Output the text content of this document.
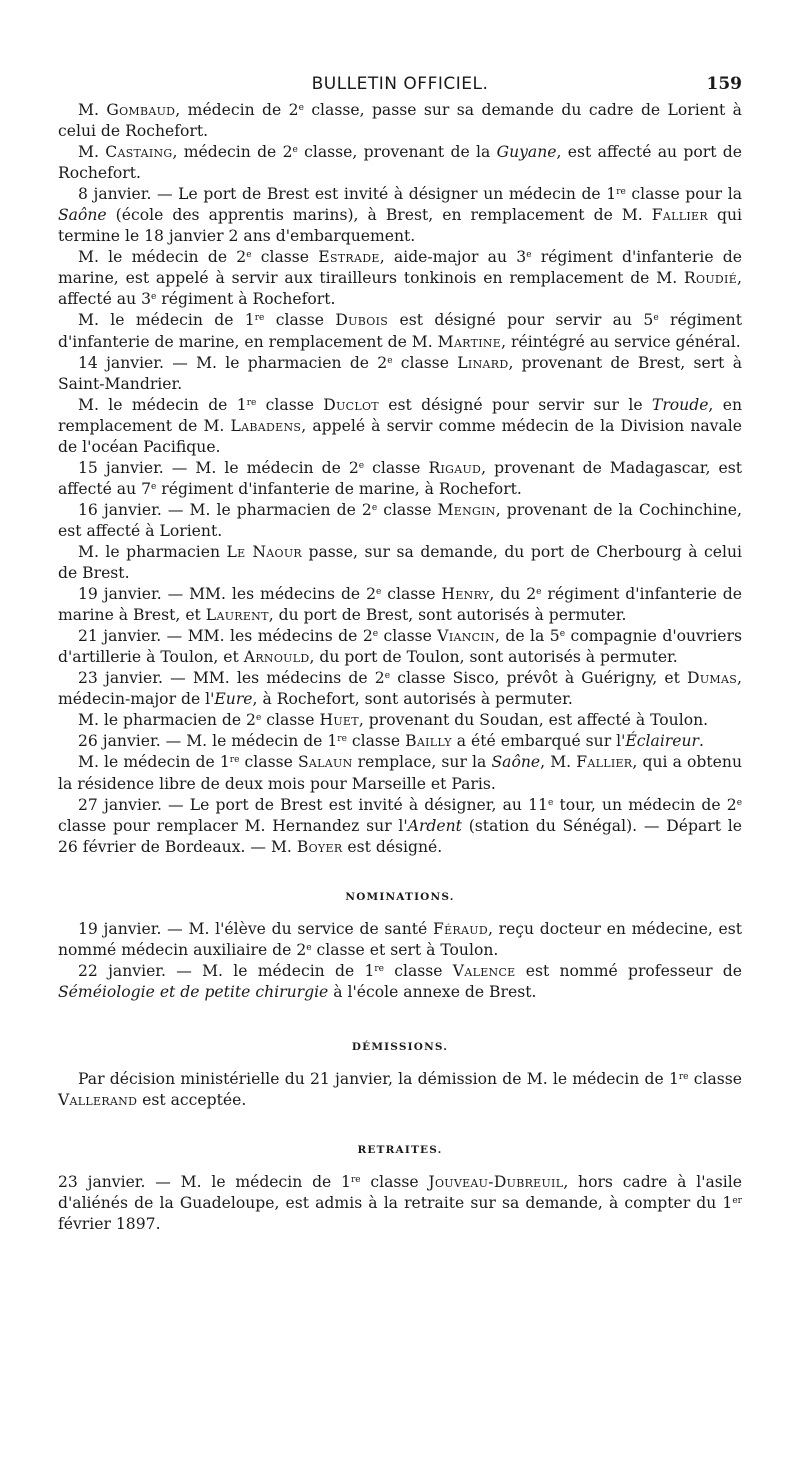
BULLETIN OFFICIEL.	159

M. Gombaud, médecin de 2e classe, passe sur sa demande du cadre de Lorient à celui de Rochefort.

M. Castaing, médecin de 2e classe, provenant de la Guyane, est affecté au port de Rochefort.

8 janvier. — Le port de Brest est invité à désigner un médecin de 1re classe pour la Saône (école des apprentis marins), à Brest, en remplacement de M. Fallier qui termine le 18 janvier 2 ans d'embarquement.

M. le médecin de 2e classe Estrade, aide-major au 3e régiment d'infanterie de marine, est appelé à servir aux tirailleurs tonkinois en remplacement de M. Roudié, affecté au 3e régiment à Rochefort.

M. le médecin de 1re classe Dubois est désigné pour servir au 5e régiment d'infanterie de marine, en remplacement de M. Martine, réintégré au service général.

14 janvier. — M. le pharmacien de 2e classe Linard, provenant de Brest, sert à Saint-Mandrier.

M. le médecin de 1re classe Duclot est désigné pour servir sur le Troude, en remplacement de M. Labadens, appelé à servir comme médecin de la Division navale de l'océan Pacifique.

15 janvier. — M. le médecin de 2e classe Rigaud, provenant de Madagascar, est affecté au 7e régiment d'infanterie de marine, à Rochefort.

16 janvier. — M. le pharmacien de 2e classe Mengin, provenant de la Cochinchine, est affecté à Lorient.

M. le pharmacien Le Naour passe, sur sa demande, du port de Cherbourg à celui de Brest.

19 janvier. — MM. les médecins de 2e classe Henry, du 2e régiment d'infanterie de marine à Brest, et Laurent, du port de Brest, sont autorisés à permuter.

21 janvier. — MM. les médecins de 2e classe Viancin, de la 5e compagnie d'ouvriers d'artillerie à Toulon, et Arnould, du port de Toulon, sont autorisés à permuter.

23 janvier. — MM. les médecins de 2e classe Sisco, prévôt à Guérigny, et Dumas, médecin-major de l'Eure, à Rochefort, sont autorisés à permuter.

M. le pharmacien de 2e classe Huet, provenant du Soudan, est affecté à Toulon.

26 janvier. — M. le médecin de 1re classe Bailly a été embarqué sur l'Éclaireur.

M. le médecin de 1re classe Salaun remplace, sur la Saône, M. Fallier, qui a obtenu la résidence libre de deux mois pour Marseille et Paris.

27 janvier. — Le port de Brest est invité à désigner, au 11e tour, un médecin de 2e classe pour remplacer M. Hernandez sur l'Ardent (station du Sénégal). — Départ le 26 février de Bordeaux. — M. Boyer est désigné.

NOMINATIONS.

19 janvier. — M. l'élève du service de santé Féraud, reçu docteur en médecine, est nommé médecin auxiliaire de 2e classe et sert à Toulon.

22 janvier. — M. le médecin de 1re classe Valence est nommé professeur de Séméiologie et de petite chirurgie à l'école annexe de Brest.

DÉMISSIONS.

Par décision ministérielle du 21 janvier, la démission de M. le médecin de 1re classe Vallerand est acceptée.

RETRAITES.

23 janvier. — M. le médecin de 1re classe Jouveau-Dubreuil, hors cadre à l'asile d'aliénés de la Guadeloupe, est admis à la retraite sur sa demande, à compter du 1er février 1897.
